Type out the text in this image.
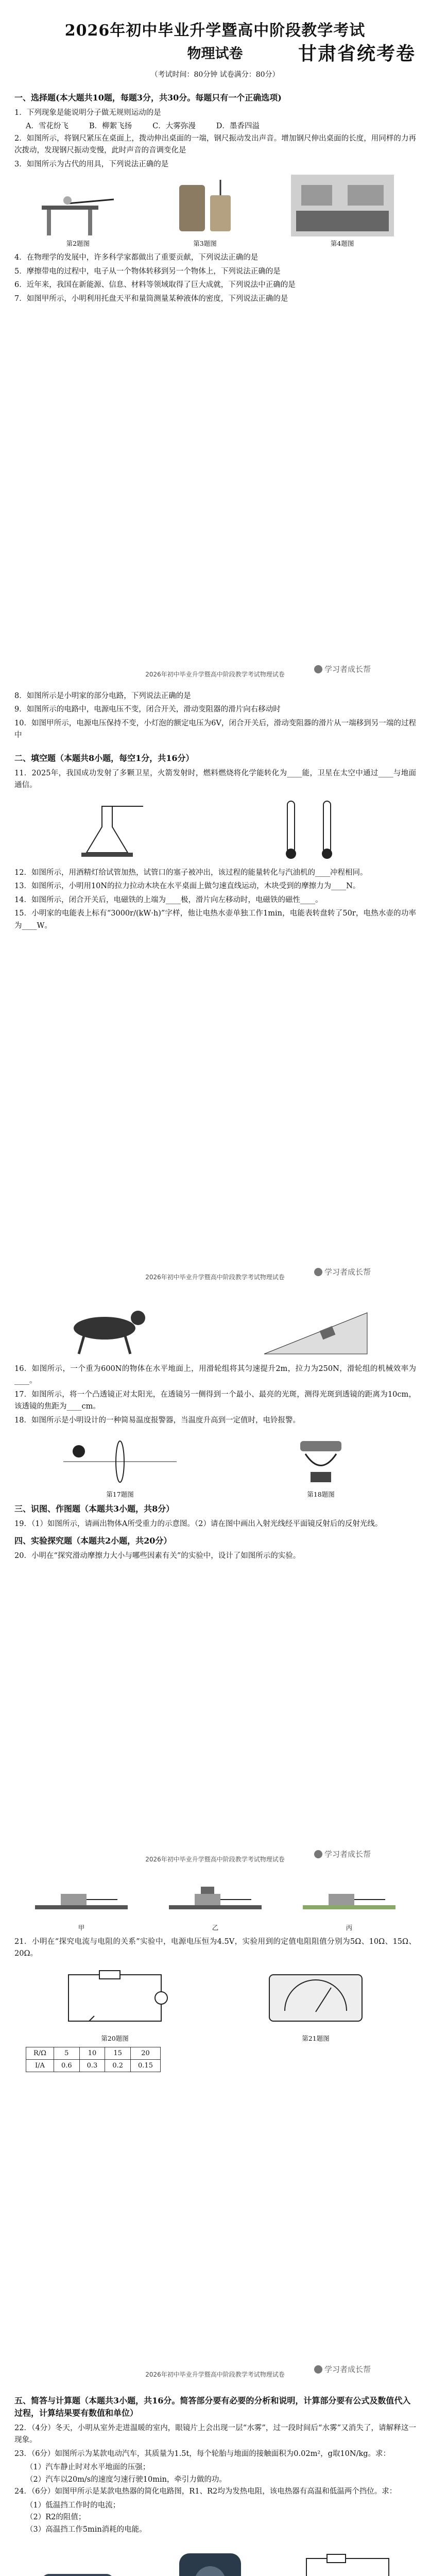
2026年初中毕业升学暨高中阶段教学考试
物理试卷	甘肃省统考卷
（考试时间：80分钟 试卷满分：80分）
一、选择题(本大题共10题，每题3分，共30分。每题只有一个正确选项)
1．下列现象是能说明分子做无规则运动的是
A．雪花纷飞	B．柳絮飞扬	C．大雾弥漫	D．墨香四溢
2．如图所示，将钢尺紧压在桌面上，拨动伸出桌面的一端，钢尺振动发出声音。增加钢尺伸出桌面的长度，用同样的力再次拨动，发现钢尺振动变慢，此时声音的音调变化是
3．如图所示为古代的用具，下列说法正确的是
第2题图	第3题图	第4题图
4．在物理学的发展中，许多科学家都做出了重要贡献，下列说法正确的是
5．摩擦带电的过程中，电子从一个物体转移到另一个物体上，下列说法正确的是
6．近年来，我国在新能源、信息、材料等领域取得了巨大成就，下列说法中正确的是
7．如图甲所示，小明利用托盘天平和量筒测量某种液体的密度，下列说法正确的是
2026年初中毕业升学暨高中阶段教学考试物理试卷
学习者成长帮
8．如图所示是小明家的部分电路，下列说法正确的是
9．如图所示的电路中，电源电压不变，闭合开关，滑动变阻器的滑片向右移动时
10．如图甲所示，电源电压保持不变，小灯泡的额定电压为6V，闭合开关后，滑动变阻器的滑片从一端移到另一端的过程中
二、填空题（本题共8小题，每空1分，共16分）
11．2025年，我国成功发射了多颗卫星，火箭发射时，燃料燃烧将化学能转化为____能，卫星在太空中通过____与地面通信。
12．如图所示，用酒精灯给试管加热，试管口的塞子被冲出，该过程的能量转化与汽油机的____冲程相同。
13．如图所示，小明用10N的拉力拉动木块在水平桌面上做匀速直线运动，木块受到的摩擦力为____N。
14．如图所示，闭合开关后，电磁铁的上端为____极，滑片向左移动时，电磁铁的磁性____。
15．小明家的电能表上标有“3000r/(kW·h)”字样，他让电热水壶单独工作1min，电能表转盘转了50r，电热水壶的功率为____W。
2026年初中毕业升学暨高中阶段教学考试物理试卷
学习者成长帮
16．如图所示，一个重为600N的物体在水平地面上，用滑轮组将其匀速提升2m，拉力为250N，滑轮组的机械效率为____。
17．如图所示，将一个凸透镜正对太阳光，在透镜另一侧得到一个最小、最亮的光斑，测得光斑到透镜的距离为10cm，该透镜的焦距为____cm。
18．如图所示是小明设计的一种简易温度报警器，当温度升高到一定值时，电铃报警。
第17题图	第18题图
三、识图、作图题（本题共3小题，共8分）
19．（1）如图所示，请画出物体A所受重力的示意图。（2）请在图中画出入射光线经平面镜反射后的反射光线。
四、实验探究题（本题共2小题，共20分）
20．小明在“探究滑动摩擦力大小与哪些因素有关”的实验中，设计了如图所示的实验。
2026年初中毕业升学暨高中阶段教学考试物理试卷
学习者成长帮
甲	乙	丙
21．小明在“探究电流与电阻的关系”实验中，电源电压恒为4.5V，实验用到的定值电阻阻值分别为5Ω、10Ω、15Ω、20Ω。
第20题图	第21题图
R/Ω	5	10	15	20
I/A	0.6	0.3	0.2	0.15
2026年初中毕业升学暨高中阶段教学考试物理试卷
学习者成长帮
五、简答与计算题（本题共3小题，共16分。简答部分要有必要的分析和说明，计算部分要有公式及数值代入过程，计算结果要有数值和单位）
22．（4分）冬天，小明从室外走进温暖的室内，眼镜片上会出现一层“水雾”，过一段时间后“水雾”又消失了，请解释这一现象。
23．（6分）如图所示为某款电动汽车，其质量为1.5t，每个轮胎与地面的接触面积为0.02m²，g取10N/kg。求：
（1）汽车静止时对水平地面的压强；
（2）汽车以20m/s的速度匀速行驶10min，牵引力做的功。
24．（6分）如图甲所示是某款电热器的简化电路图，R1、R2均为发热电阻，该电热器有高温和低温两个挡位。求：
（1）低温挡工作时的电流；
（2）R2的阻值；
（3）高温挡工作5min消耗的电能。
